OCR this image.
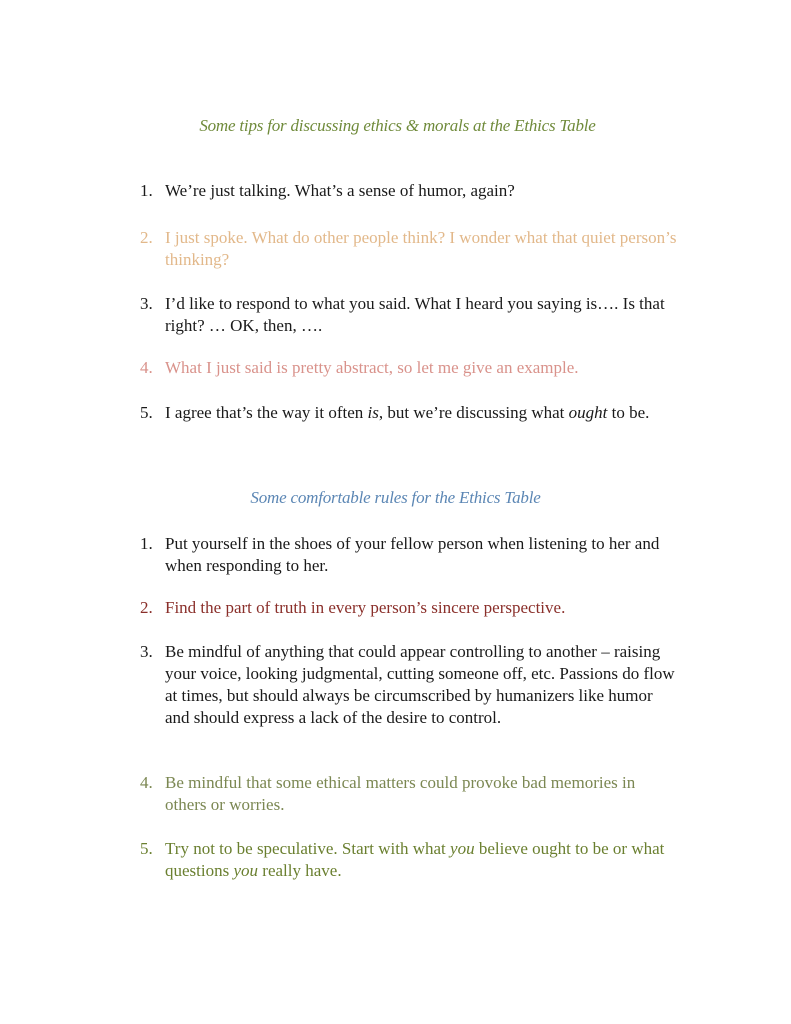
Some tips for discussing ethics & morals at the Ethics Table
1. We’re just talking. What’s a sense of humor, again?
2. I just spoke. What do other people think? I wonder what that quiet person’s thinking?
3. I’d like to respond to what you said. What I heard you saying is…. Is that right? … OK, then, ….
4. What I just said is pretty abstract, so let me give an example.
5. I agree that’s the way it often is, but we’re discussing what ought to be.
Some comfortable rules for the Ethics Table
1. Put yourself in the shoes of your fellow person when listening to her and when responding to her.
2. Find the part of truth in every person’s sincere perspective.
3. Be mindful of anything that could appear controlling to another – raising your voice, looking judgmental, cutting someone off, etc. Passions do flow at times, but should always be circumscribed by humanizers like humor and should express a lack of the desire to control.
4. Be mindful that some ethical matters could provoke bad memories in others or worries.
5. Try not to be speculative. Start with what you believe ought to be or what questions you really have.
